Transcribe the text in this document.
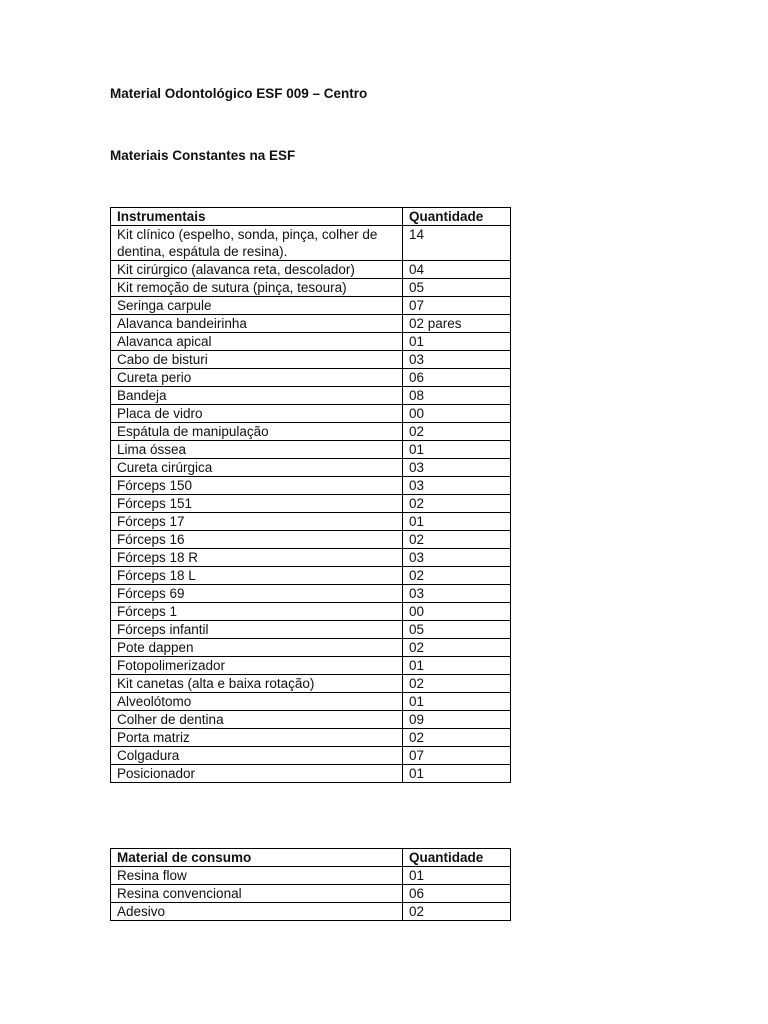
Material Odontológico ESF 009 – Centro
Materiais Constantes na ESF
Instrumentais	Quantidade
Kit clínico (espelho, sonda, pinça, colher de dentina, espátula de resina).	14
Kit cirúrgico (alavanca reta, descolador)	04
Kit remoção de sutura (pinça, tesoura)	05
Seringa carpule	07
Alavanca bandeirinha	02 pares
Alavanca apical	01
Cabo de bisturi	03
Cureta perio	06
Bandeja	08
Placa de vidro	00
Espátula de manipulação	02
Lima óssea	01
Cureta cirúrgica	03
Fórceps 150	03
Fórceps 151	02
Fórceps 17	01
Fórceps 16	02
Fórceps 18 R	03
Fórceps 18 L	02
Fórceps 69	03
Fórceps 1	00
Fórceps infantil	05
Pote dappen	02
Fotopolimerizador	01
Kit canetas (alta e baixa rotação)	02
Alveolótomo	01
Colher de dentina	09
Porta matriz	02
Colgadura	07
Posicionador	01
Material de consumo	Quantidade
Resina flow	01
Resina convencional	06
Adesivo	02
